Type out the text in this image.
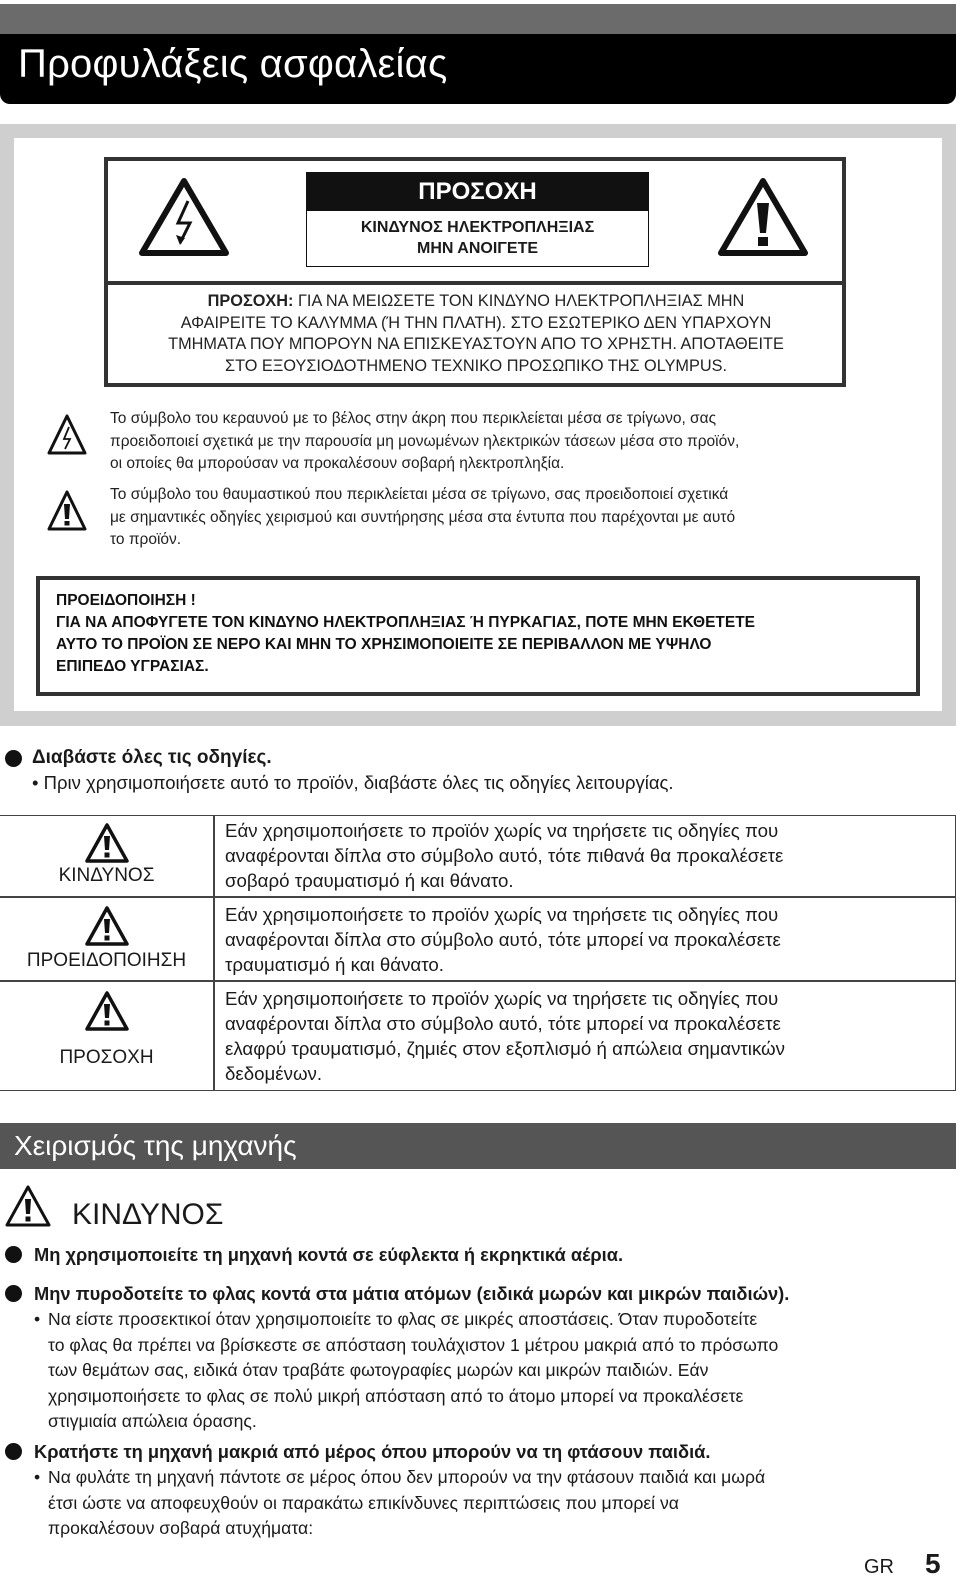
Προφυλάξεις ασφαλείας
ΠΡΟΣΟΧΗ
ΚΙΝΔΥΝΟΣ ΗΛΕΚΤΡΟΠΛΗΞΙΑΣ
ΜΗΝ ΑΝΟΙΓΕΤΕ
ΠΡΟΣΟΧΗ: ΓΙΑ ΝΑ ΜΕΙΩΣΕΤΕ ΤΟΝ ΚΙΝΔΥΝΟ ΗΛΕΚΤΡΟΠΛΗΞΙΑΣ ΜΗΝ
ΑΦΑΙΡΕΙΤΕ ΤΟ ΚΑΛΥΜΜΑ (Ή ΤΗΝ ΠΛΑΤΗ). ΣΤΟ ΕΣΩΤΕΡΙΚΟ ΔΕΝ ΥΠΑΡΧΟΥΝ
ΤΜΗΜΑΤΑ ΠΟΥ ΜΠΟΡΟΥΝ ΝΑ ΕΠΙΣΚΕΥΑΣΤΟΥΝ ΑΠΟ ΤΟ ΧΡΗΣΤΗ. ΑΠΟΤΑΘΕΙΤΕ
ΣΤΟ ΕΞΟΥΣΙΟΔΟΤΗΜΕΝΟ ΤΕΧΝΙΚΟ ΠΡΟΣΩΠΙΚΟ ΤΗΣ OLYMPUS.
Το σύμβολο του κεραυνού με το βέλος στην άκρη που περικλείεται μέσα σε τρίγωνο, σας
προειδοποιεί σχετικά με την παρουσία μη μονωμένων ηλεκτρικών τάσεων μέσα στο προϊόν,
οι οποίες θα μπορούσαν να προκαλέσουν σοβαρή ηλεκτροπληξία.
Το σύμβολο του θαυμαστικού που περικλείεται μέσα σε τρίγωνο, σας προειδοποιεί σχετικά
με σημαντικές οδηγίες χειρισμού και συντήρησης μέσα στα έντυπα που παρέχονται με αυτό
το προϊόν.
ΠΡΟΕΙΔΟΠΟΙΗΣΗ !
ΓΙΑ ΝΑ ΑΠΟΦΥΓΕΤΕ ΤΟΝ ΚΙΝΔΥΝΟ ΗΛΕΚΤΡΟΠΛΗΞΙΑΣ Ή ΠΥΡΚΑΓΙΑΣ, ΠΟΤΕ ΜΗΝ ΕΚΘΕΤΕΤΕ
ΑΥΤΟ ΤΟ ΠΡΟΪΟΝ ΣΕ ΝΕΡΟ ΚΑΙ ΜΗΝ ΤΟ ΧΡΗΣΙΜΟΠΟΙΕΙΤΕ ΣΕ ΠΕΡΙΒΑΛΛΟΝ ΜΕ ΥΨΗΛΟ
ΕΠΙΠΕΔΟ ΥΓΡΑΣΙΑΣ.
Διαβάστε όλες τις οδηγίες.
• Πριν χρησιμοποιήσετε αυτό το προϊόν, διαβάστε όλες τις οδηγίες λειτουργίας.
ΚΙΝΔΥΝΟΣ
Εάν χρησιμοποιήσετε το προϊόν χωρίς να τηρήσετε τις οδηγίες που
αναφέρονται δίπλα στο σύμβολο αυτό, τότε πιθανά θα προκαλέσετε
σοβαρό τραυματισμό ή και θάνατο.
ΠΡΟΕΙΔΟΠΟΙΗΣΗ
Εάν χρησιμοποιήσετε το προϊόν χωρίς να τηρήσετε τις οδηγίες που
αναφέρονται δίπλα στο σύμβολο αυτό, τότε μπορεί να προκαλέσετε
τραυματισμό ή και θάνατο.
ΠΡΟΣΟΧΗ
Εάν χρησιμοποιήσετε το προϊόν χωρίς να τηρήσετε τις οδηγίες που
αναφέρονται δίπλα στο σύμβολο αυτό, τότε μπορεί να προκαλέσετε
ελαφρύ τραυματισμό, ζημιές στον εξοπλισμό ή απώλεια σημαντικών
δεδομένων.
Χειρισμός της μηχανής
ΚΙΝΔΥΝΟΣ
Μη χρησιμοποιείτε τη μηχανή κοντά σε εύφλεκτα ή εκρηκτικά αέρια.
Μην πυροδοτείτε το φλας κοντά στα μάτια ατόμων (ειδικά μωρών και μικρών παιδιών).
• Να είστε προσεκτικοί όταν χρησιμοποιείτε το φλας σε μικρές αποστάσεις. Όταν πυροδοτείτε
το φλας θα πρέπει να βρίσκεστε σε απόσταση τουλάχιστον 1 μέτρου μακριά από το πρόσωπο
των θεμάτων σας, ειδικά όταν τραβάτε φωτογραφίες μωρών και μικρών παιδιών. Εάν
χρησιμοποιήσετε το φλας σε πολύ μικρή απόσταση από το άτομο μπορεί να προκαλέσετε
στιγμιαία απώλεια όρασης.
Κρατήστε τη μηχανή μακριά από μέρος όπου μπορούν να τη φτάσουν παιδιά.
• Να φυλάτε τη μηχανή πάντοτε σε μέρος όπου δεν μπορούν να την φτάσουν παιδιά και μωρά
έτσι ώστε να αποφευχθούν οι παρακάτω επικίνδυνες περιπτώσεις που μπορεί να
προκαλέσουν σοβαρά ατυχήματα:
GR 5
